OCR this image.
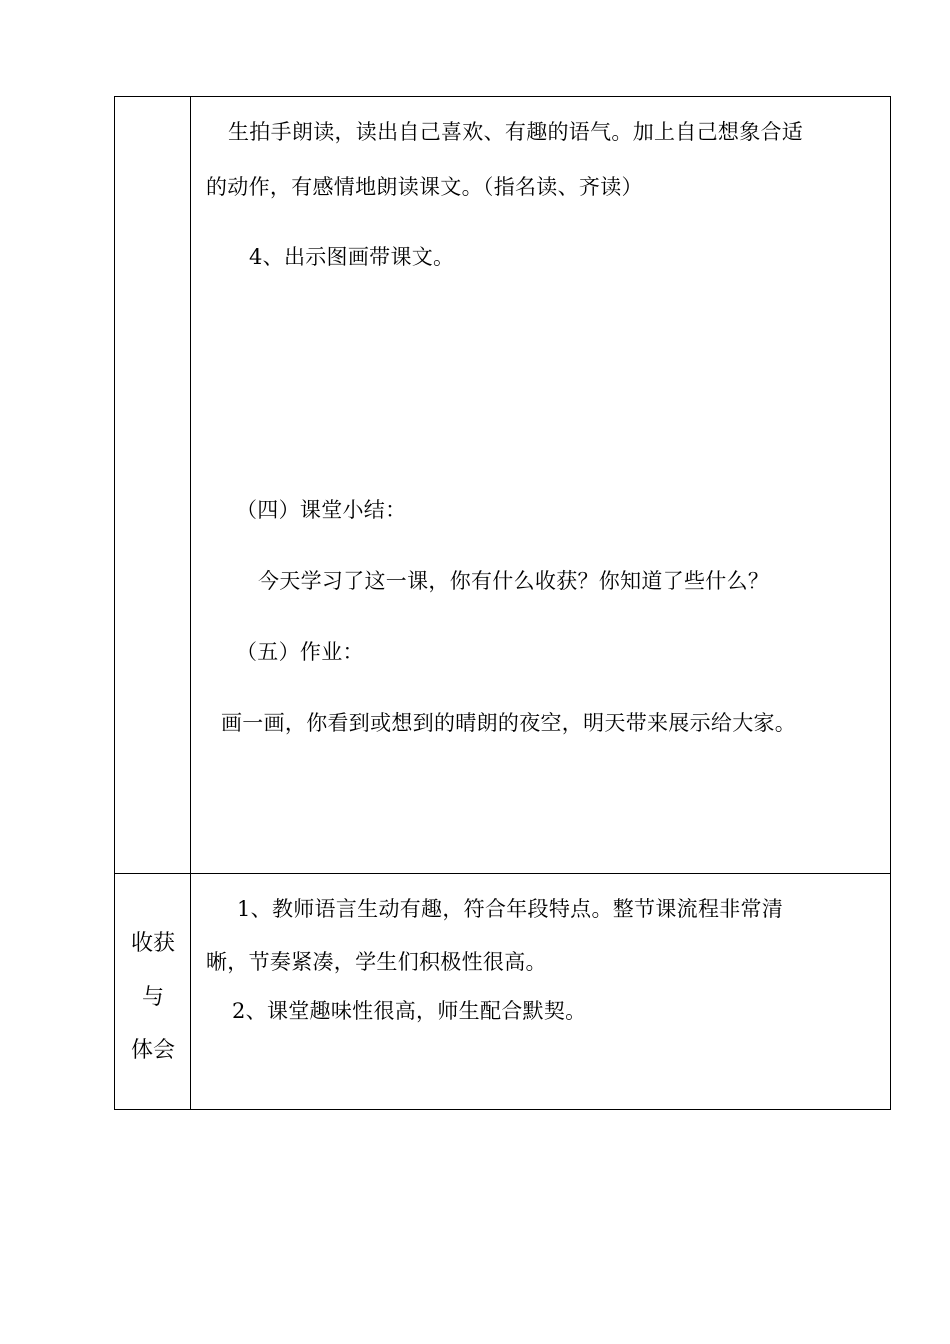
生拍手朗读，读出自己喜欢、有趣的语气。加上自己想象合适
的动作，有感情地朗读课文。（指名读、齐读）
4、出示图画带课文。
（四）课堂小结：
今天学习了这一课，你有什么收获？你知道了些什么？
（五）作业：
画一画，你看到或想到的晴朗的夜空，明天带来展示给大家。
收获
与
体会
1、教师语言生动有趣，符合年段特点。整节课流程非常清
晰，节奏紧凑，学生们积极性很高。
2、课堂趣味性很高，师生配合默契。
